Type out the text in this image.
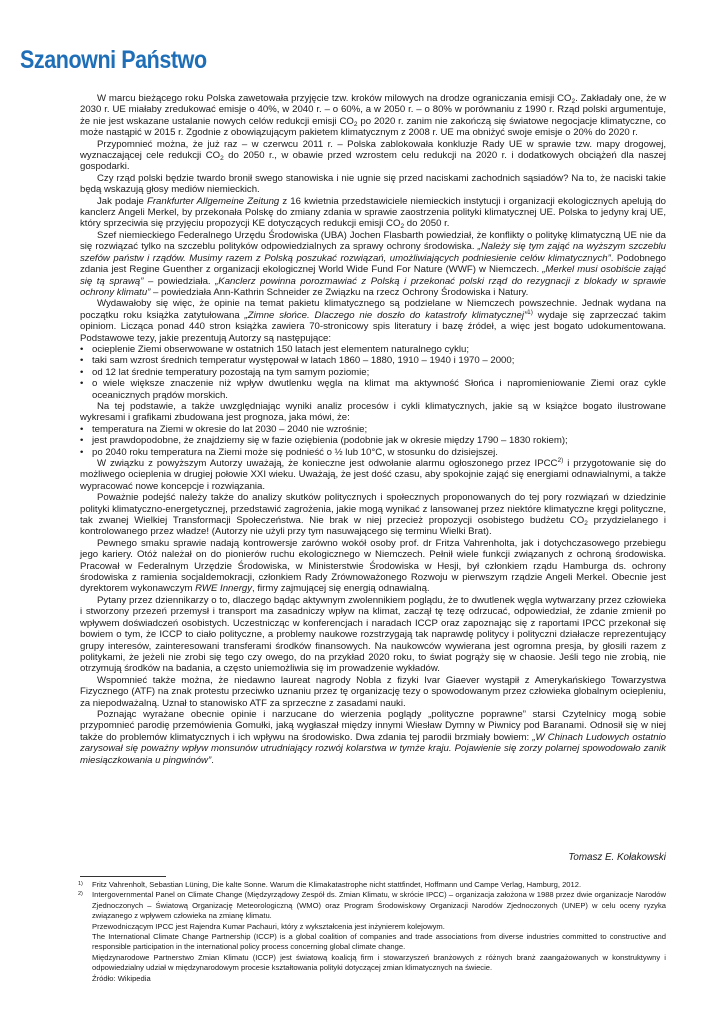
Szanowni Państwo

W marcu bieżącego roku Polska zawetowała przyjęcie tzw. kroków milowych na drodze ograniczania emisji $CO_2$. Zakładały one, że w 2030 r. UE miałaby zredukować emisje o 40%, w 2040 r. – o 60%, a w 2050 r. – o 80% w porównaniu z 1990 r. Rząd polski argumentuje, że nie jest wskazane ustalanie nowych celów redukcji emisji $CO_2$ po 2020 r. zanim nie zakończą się światowe negocjacje klimatyczne, co może nastąpić w 2015 r. Zgodnie z obowiązującym pakietem klimatycznym z 2008 r. UE ma obniżyć swoje emisje o 20% do 2020 r.

Przypomnieć można, że już raz – w czerwcu 2011 r. – Polska zablokowała konkluzje Rady UE w sprawie tzw. mapy drogowej, wyznaczającej cele redukcji $CO_2$ do 2050 r., w obawie przed wzrostem celu redukcji na 2020 r. i dodatkowych obciążeń dla naszej gospodarki.

Czy rząd polski będzie twardo bronił swego stanowiska i nie ugnie się przed naciskami zachodnich sąsiadów? Na to, że naciski takie będą wskazują głosy mediów niemieckich.

Jak podaje Frankfurter Allgemeine Zeitung z 16 kwietnia przedstawiciele niemieckich instytucji i organizacji ekologicznych apelują do kanclerz Angeli Merkel, by przekonała Polskę do zmiany zdania w sprawie zaostrzenia polityki klimatycznej UE. Polska to jedyny kraj UE, który sprzeciwia się przyjęciu propozycji KE dotyczących redukcji emisji $CO_2$ do 2050 r.

Szef niemieckiego Federalnego Urzędu Środowiska (UBA) Jochen Flasbarth powiedział, że konflikty o politykę klimatyczną UE nie da się rozwiązać tylko na szczeblu polityków odpowiedzialnych za sprawy ochrony środowiska. „Należy się tym zająć na wyższym szczeblu szefów państw i rządów. Musimy razem z Polską poszukać rozwiązań, umożliwiających podniesienie celów klimatycznych”. Podobnego zdania jest Regine Guenther z organizacji ekologicznej World Wide Fund For Nature (WWF) w Niemczech. „Merkel musi osobiście zająć się tą sprawą” – powiedziała. „Kanclerz powinna porozmawiać z Polską i przekonać polski rząd do rezygnacji z blokady w sprawie ochrony klimatu” – powiedziała Ann-Kathrin Schneider ze Związku na rzecz Ochrony Środowiska i Natury.

Wydawałoby się więc, że opinie na temat pakietu klimatycznego są podzielane w Niemczech powszechnie. Jednak wydana na początku roku książka zatytułowana „Zimne słońce. Dlaczego nie doszło do katastrofy klimatycznej”$^{1)}$ wydaje się zaprzeczać takim opiniom. Licząca ponad 440 stron książka zawiera 70-stronicowy spis literatury i bazę źródeł, a więc jest bogato udokumentowana. Podstawowe tezy, jakie prezentują Autorzy są następujące:

• ocieplenie Ziemi obserwowane w ostatnich 150 latach jest elementem naturalnego cyklu;
• taki sam wzrost średnich temperatur występował w latach 1860 – 1880, 1910 – 1940 i 1970 – 2000;
• od 12 lat średnie temperatury pozostają na tym samym poziomie;
• o wiele większe znaczenie niż wpływ dwutlenku węgla na klimat ma aktywność Słońca i napromieniowanie Ziemi oraz cykle oceanicznych prądów morskich.

Na tej podstawie, a także uwzględniając wyniki analiz procesów i cykli klimatycznych, jakie są w książce bogato ilustrowane wykresami i grafikami zbudowana jest prognoza, jaka mówi, że:

• temperatura na Ziemi w okresie do lat 2030 – 2040 nie wzrośnie;
• jest prawdopodobne, że znajdziemy się w fazie oziębienia (podobnie jak w okresie między 1790 – 1830 rokiem);
• po 2040 roku temperatura na Ziemi może się podnieść o ½ lub 10°C, w stosunku do dzisiejszej.

W związku z powyższym Autorzy uważają, że konieczne jest odwołanie alarmu ogłoszonego przez IPCC$^{2)}$ i przygotowanie się do możliwego ocieplenia w drugiej połowie XXI wieku. Uważają, że jest dość czasu, aby spokojnie zająć się energiami odnawialnymi, a także wypracować nowe koncepcje i rozwiązania.

Poważnie podejść należy także do analizy skutków politycznych i społecznych proponowanych do tej pory rozwiązań w dziedzinie polityki klimatyczno-energetycznej, przedstawić zagrożenia, jakie mogą wynikać z lansowanej przez niektóre klimatyczne kręgi polityczne, tak zwanej Wielkiej Transformacji Społeczeństwa. Nie brak w niej przecież propozycji osobistego budżetu $CO_2$ przydzielanego i kontrolowanego przez władze! (Autorzy nie użyli przy tym nasuwającego się terminu Wielki Brat).

Pewnego smaku sprawie nadają kontrowersje zarówno wokół osoby prof. dr Fritza Vahrenholta, jak i dotychczasowego przebiegu jego kariery. Otóż należał on do pionierów ruchu ekologicznego w Niemczech. Pełnił wiele funkcji związanych z ochroną środowiska. Pracował w Federalnym Urzędzie Środowiska, w Ministerstwie Środowiska w Hesji, był członkiem rządu Hamburga ds. ochrony środowiska z ramienia socjaldemokracji, członkiem Rady Zrównoważonego Rozwoju w pierwszym rządzie Angeli Merkel. Obecnie jest dyrektorem wykonawczym RWE Innergy, firmy zajmującej się energią odnawialną.

Pytany przez dziennikarzy o to, dlaczego bądąc aktywnym zwolennikiem poglądu, że to dwutlenek węgla wytwarzany przez człowieka i stworzony przezeń przemysł i transport ma zasadniczy wpływ na klimat, zaczął tę tezę odrzucać, odpowiedział, że zdanie zmienił po wpływem doświadczeń osobistych. Uczestnicząc w konferencjach i naradach ICCP oraz zapoznając się z raportami IPCC przekonał się bowiem o tym, że ICCP to ciało polityczne, a problemy naukowe rozstrzygają tak naprawdę politycy i polityczni działacze reprezentujący grupy interesów, zainteresowani transferami środków finansowych. Na naukowców wywierana jest ogromna presja, by głosili razem z politykami, że jeżeli nie zrobi się tego czy owego, do na przykład 2020 roku, to świat pogrąży się w chaosie. Jeśli tego nie zrobią, nie otrzymują środków na badania, a często uniemożliwia się im prowadzenie wykładów.

Wspomnieć także można, że niedawno laureat nagrody Nobla z fizyki Ivar Giaever wystąpił z Amerykańskiego Towarzystwa Fizycznego (ATF) na znak protestu przeciwko uznaniu przez tę organizację tezy o spowodowanym przez człowieka globalnym ociepleniu, za niepodważalną. Uznał to stanowisko ATF za sprzeczne z zasadami nauki.

Poznając wyrażane obecnie opinie i narzucane do wierzenia poglądy „polityczne poprawne” starsi Czytelnicy mogą sobie przypomnieć parodię przemówienia Gomułki, jaką wygłaszał między innymi Wiesław Dymny w Piwnicy pod Baranami. Odnosił się w niej także do problemów klimatycznych i ich wpływu na środowisko. Dwa zdania tej parodii brzmiały bowiem: „W Chinach Ludowych ostatnio zarysował się poważny wpływ monsunów utrudniający rozwój kolarstwa w tymże kraju. Pojawienie się zorzy polarnej spowodowało zanik miesiączkowania u pingwinów”.

Tomasz E. Kołakowski
1) Fritz Vahrenholt, Sebastian Lüning, Die kalte Sonne. Warum die Klimakatastrophe nicht stattfindet, Hoffmann und Campe Verlag, Hamburg, 2012.
2) Intergovernmental Panel on Climate Change (Międzyrządowy Zespół ds. Zmian Klimatu, w skrócie IPCC) – organizacja założona w 1988 przez dwie organizacje Narodów Zjednoczonych – Światową Organizację Meteorologiczną (WMO) oraz Program Środowiskowy Organizacji Narodów Zjednoczonych (UNEP) w celu oceny ryzyka związanego z wpływem człowieka na zmianę klimatu.
Przewodniczącym IPCC jest Rajendra Kumar Pachauri, który z wykształcenia jest inżynierem kolejowym.
The International Climate Change Partnership (ICCP) is a global coalition of companies and trade associations from diverse industries committed to constructive and responsible participation in the international policy process concerning global climate change.
Międzynarodowe Partnerstwo Zmian Klimatu (ICCP) jest światową koalicją firm i stowarzyszeń branżowych z różnych branż zaangażowanych w konstruktywny i odpowiedzialny udział w międzynarodowym procesie kształtowania polityki dotyczącej zmian klimatycznych na świecie.
Źródło: Wikipedia
